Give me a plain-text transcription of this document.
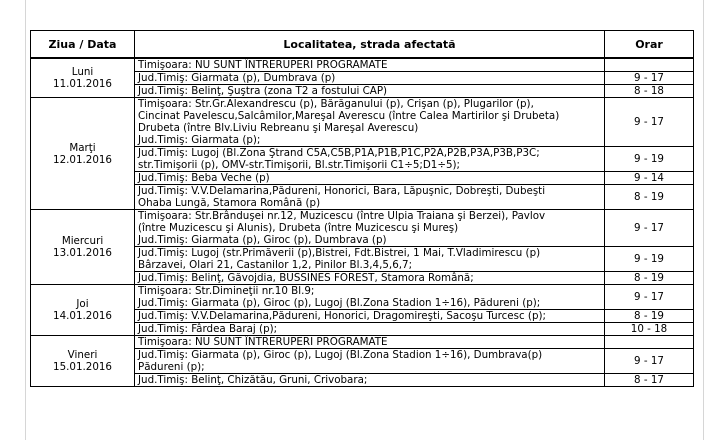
Ziua / Data	Localitatea, strada afectată	Orar

Luni
11.01.2016	Timişoara: NU SUNT ÎNTRERUPERI PROGRAMATE	
	Jud.Timiş: Giarmata (p), Dumbrava (p)	9 - 17
	Jud.Timiş: Belinţ, Şuştra (zona T2 a fostului CAP)	8 - 18

Marţi
12.01.2016	Timişoara: Str.Gr.Alexandrescu (p), Bărăganului (p), Crişan (p), Plugarilor (p),
Cincinat Pavelescu,Salcâmilor,Mareşal Averescu (între Calea Martirilor şi Drubeta)
Drubeta (între Blv.Liviu Rebreanu şi Mareşal Averescu)
Jud.Timiş: Giarmata (p);	9 - 17
	Jud.Timiş: Lugoj (Bl.Zona Ştrand C5A,C5B,P1A,P1B,P1C,P2A,P2B,P3A,P3B,P3C;
str.Timişorii (p), OMV-str.Timişorii, Bl.str.Timişorii C1÷5;D1÷5);	9 - 19
	Jud.Timiş: Beba Veche (p)	9 - 14
	Jud.Timiş: V.V.Delamarina,Pădureni, Honorici, Bara, Lăpuşnic, Dobreşti, Dubeşti
Ohaba Lungă, Stamora Română (p)	8 - 19

Miercuri
13.01.2016	Timişoara: Str.Brânduşei nr.12, Muzicescu (între Ulpia Traiana şi Berzei), Pavlov
(între Muzicescu şi Alunis), Drubeta (între Muzicescu şi Mureş)
Jud.Timiş: Giarmata (p), Giroc (p), Dumbrava (p)	9 - 17
	Jud.Timiş: Lugoj (str.Primăverii (p),Bistrei, Fdt.Bistrei, 1 Mai, T.Vladimirescu (p)
Bârzavei, Olari 21, Castanilor 1,2, Pinilor Bl.3,4,5,6,7;	9 - 19
	Jud.Timiş: Belinţ, Găvojdia, BUSSINES FOREST, Stamora Română;	8 - 19

Joi
14.01.2016	Timişoara: Str.Dimineţii nr.10 Bl.9;
Jud.Timiş: Giarmata (p), Giroc (p), Lugoj (Bl.Zona Stadion 1÷16), Pădureni (p);	9 - 17
	Jud.Timiş: V.V.Delamarina,Pădureni, Honorici, Dragomireşti, Sacoşu Turcesc (p);	8 - 19
	Jud.Timiş: Fârdea Baraj (p);	10 - 18

Vineri
15.01.2016	Timişoara: NU SUNT ÎNTRERUPERI PROGRAMATE	
	Jud.Timiş: Giarmata (p), Giroc (p), Lugoj (Bl.Zona Stadion 1÷16), Dumbrava(p)
Pădureni (p);	9 - 17
	Jud.Timiş: Belinţ, Chizătău, Gruni, Crivobara;	8 - 17
